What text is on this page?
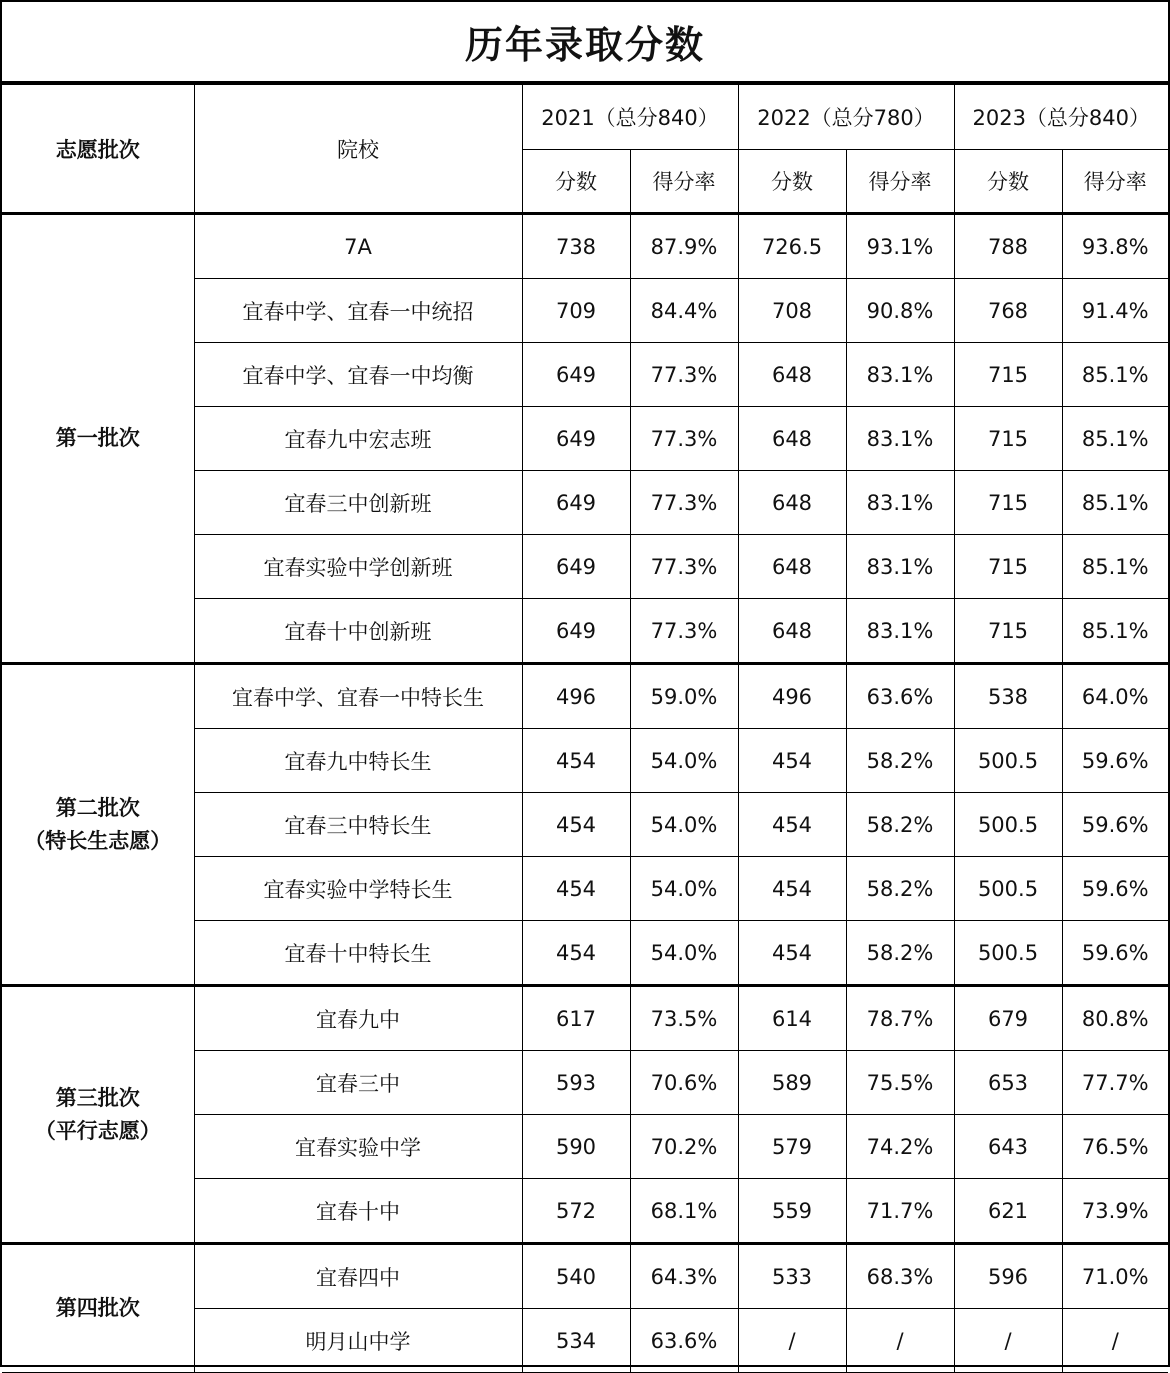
历年录取分数
志愿批次	院校	2021（总分840）		2022（总分780）		2023（总分840）	
		分数	得分率	分数	得分率	分数	得分率

第一批次	7A	738	87.9%	726.5	93.1%	788	93.8%
	宜春中学、宜春一中统招	709	84.4%	708	90.8%	768	91.4%
	宜春中学、宜春一中均衡	649	77.3%	648	83.1%	715	85.1%
	宜春九中宏志班	649	77.3%	648	83.1%	715	85.1%
	宜春三中创新班	649	77.3%	648	83.1%	715	85.1%
	宜春实验中学创新班	649	77.3%	648	83.1%	715	85.1%
	宜春十中创新班	649	77.3%	648	83.1%	715	85.1%

第二批次
（特长生志愿）	宜春中学、宜春一中特长生	496	59.0%	496	63.6%	538	64.0%
	宜春九中特长生	454	54.0%	454	58.2%	500.5	59.6%
	宜春三中特长生	454	54.0%	454	58.2%	500.5	59.6%
	宜春实验中学特长生	454	54.0%	454	58.2%	500.5	59.6%
	宜春十中特长生	454	54.0%	454	58.2%	500.5	59.6%

第三批次
（平行志愿）	宜春九中	617	73.5%	614	78.7%	679	80.8%
	宜春三中	593	70.6%	589	75.5%	653	77.7%
	宜春实验中学	590	70.2%	579	74.2%	643	76.5%
	宜春十中	572	68.1%	559	71.7%	621	73.9%

第四批次	宜春四中	540	64.3%	533	68.3%	596	71.0%
	明月山中学	534	63.6%	/	/	/	/
